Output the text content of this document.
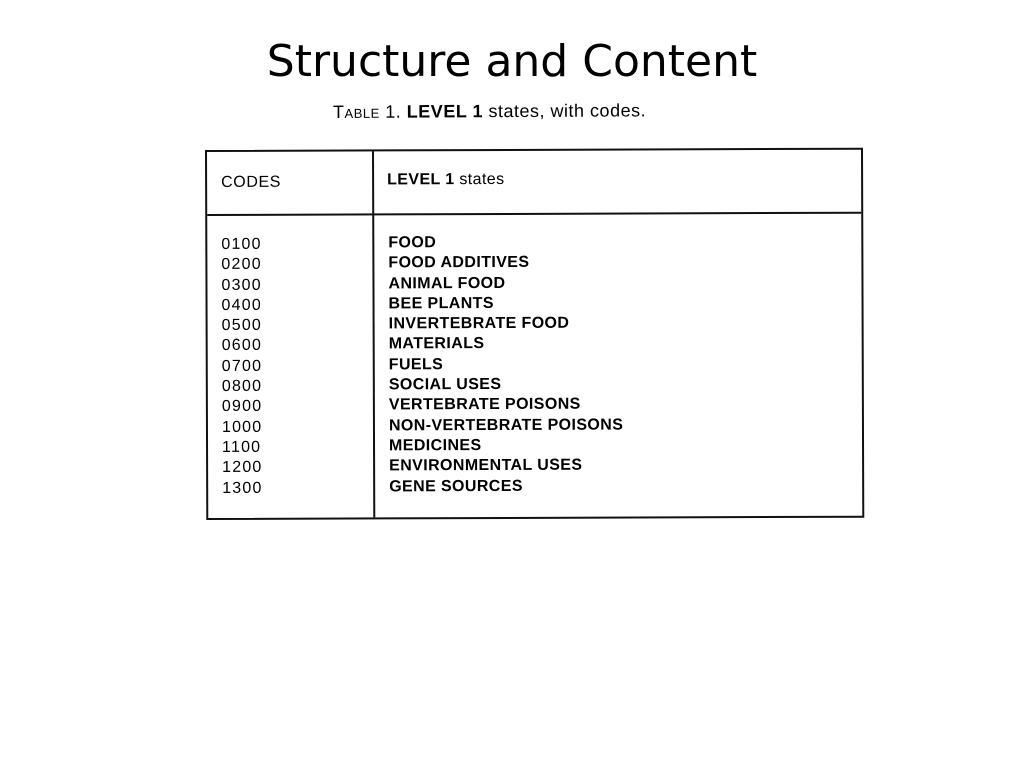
Structure and Content
Table 1. LEVEL 1 states, with codes.
CODES	LEVEL 1 states
0100
0200
0300
0400
0500
0600
0700
0800
0900
1000
1100
1200
1300
FOOD
FOOD ADDITIVES
ANIMAL FOOD
BEE PLANTS
INVERTEBRATE FOOD
MATERIALS
FUELS
SOCIAL USES
VERTEBRATE POISONS
NON-VERTEBRATE POISONS
MEDICINES
ENVIRONMENTAL USES
GENE SOURCES
